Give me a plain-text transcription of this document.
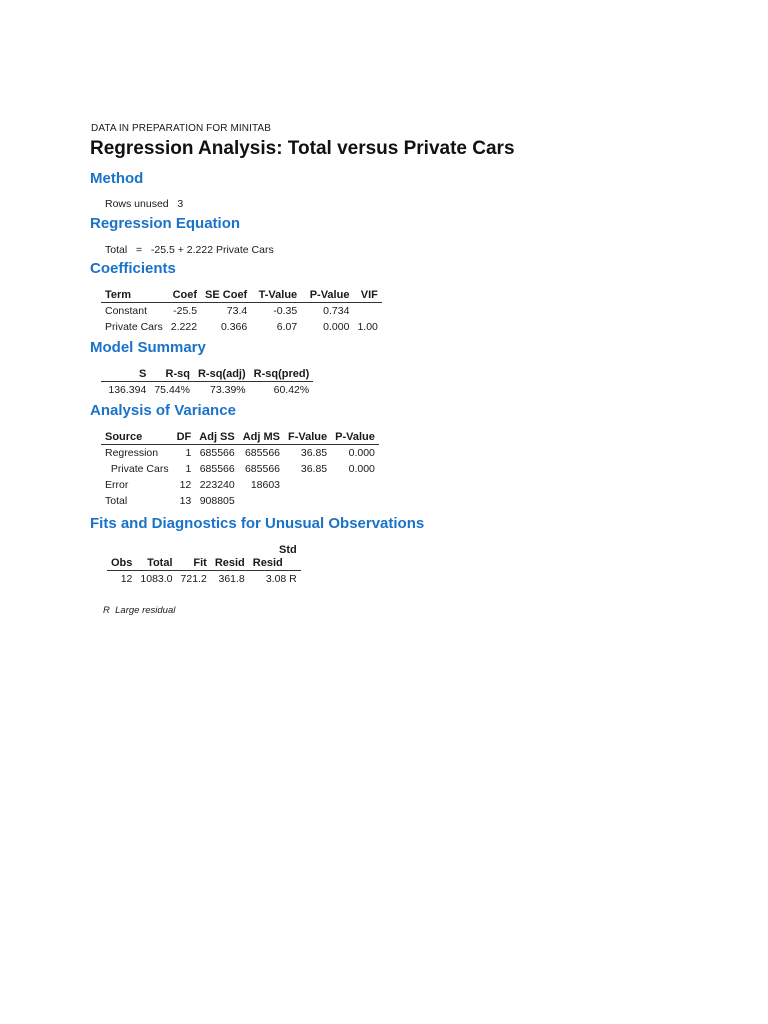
DATA IN PREPARATION FOR MINITAB
Regression Analysis: Total versus Private Cars
Method
Rows unused 3
Regression Equation
Total = -25.5 + 2.222 Private Cars
Coefficients
Term	Coef	SE Coef	T-Value	P-Value	VIF
Constant	-25.5	73.4	-0.35	0.734	
Private Cars	2.222	0.366	6.07	0.000	1.00
Model Summary
S	R-sq	R-sq(adj)	R-sq(pred)
136.394	75.44%	73.39%	60.42%
Analysis of Variance
Source	DF	Adj SS	Adj MS	F-Value	P-Value
Regression	1	685566	685566	36.85	0.000
Private Cars	1	685566	685566	36.85	0.000
Error	12	223240	18603		
Total	13	908805			
Fits and Diagnostics for Unusual Observations
				Std
Obs	Total	Fit	Resid	Resid
12	1083.0	721.2	361.8	3.08 R
R  Large residual
